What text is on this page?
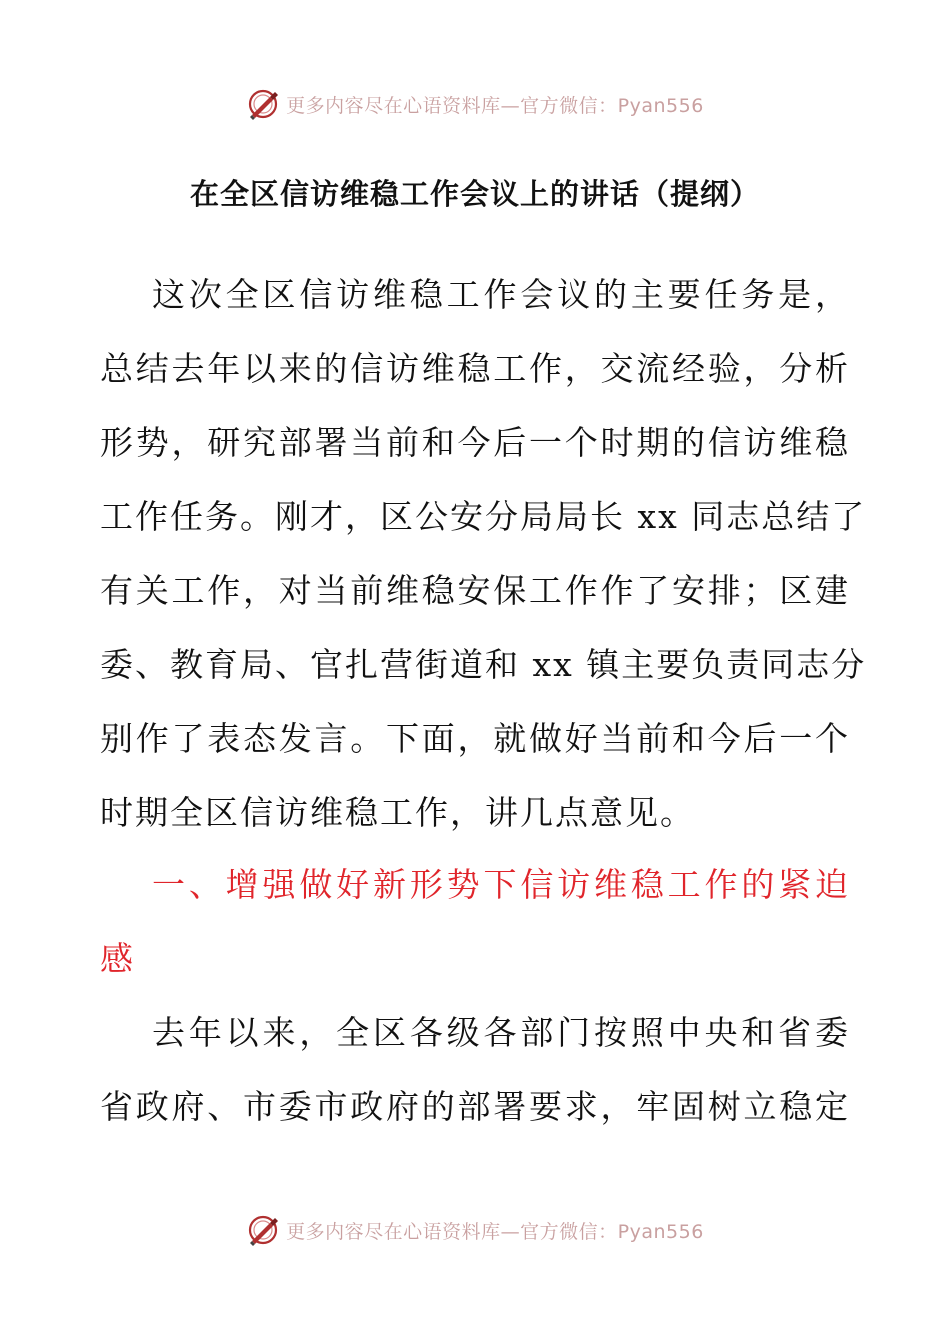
更多内容尽在心语资料库—官方微信：Pyan556
在全区信访维稳工作会议上的讲话（提纲）
这次全区信访维稳工作会议的主要任务是，
总结去年以来的信访维稳工作，交流经验，分析
形势，研究部署当前和今后一个时期的信访维稳
工作任务。刚才，区公安分局局长 xx 同志总结了
有关工作，对当前维稳安保工作作了安排；区建
委、教育局、官扎营街道和 xx 镇主要负责同志分
别作了表态发言。下面，就做好当前和今后一个
时期全区信访维稳工作，讲几点意见。
一、增强做好新形势下信访维稳工作的紧迫
感
去年以来，全区各级各部门按照中央和省委
省政府、市委市政府的部署要求，牢固树立稳定
更多内容尽在心语资料库—官方微信：Pyan556
